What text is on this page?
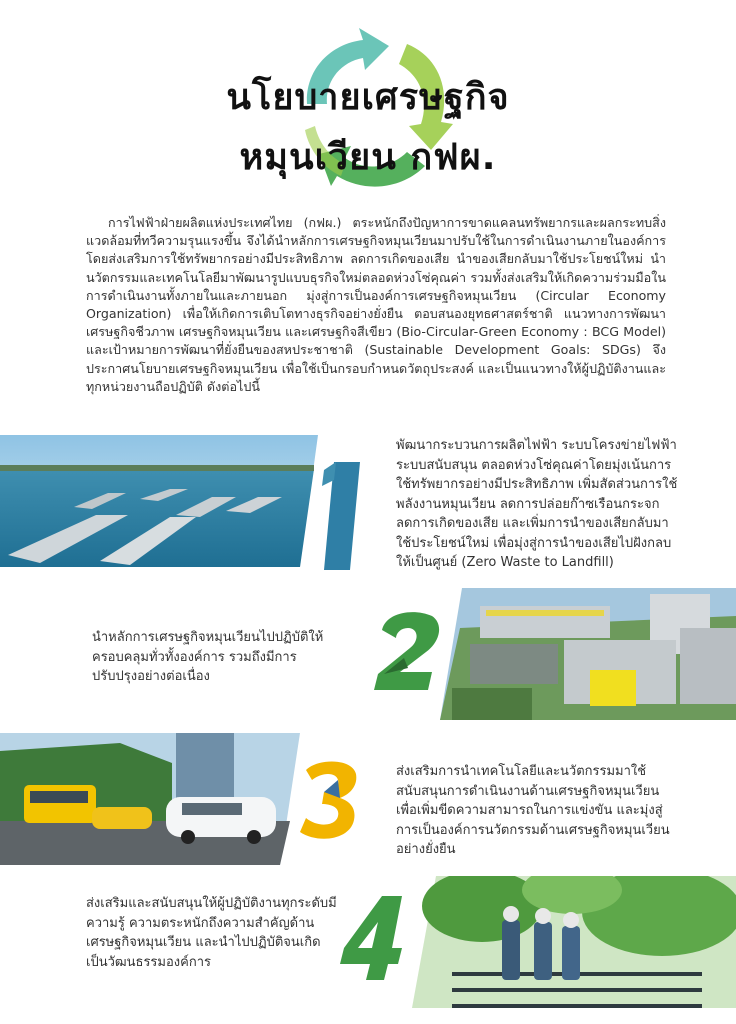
นโยบายเศรษฐกิจ
หมุนเวียน กฟผ.
การไฟฟ้าฝ่ายผลิตแห่งประเทศไทย (กฟผ.) ตระหนักถึงปัญหาการขาดแคลนทรัพยากรและผลกระทบสิ่งแวดล้อมที่ทวีความรุนแรงขึ้น จึงได้นำหลักการเศรษฐกิจหมุนเวียนมาปรับใช้ในการดำเนินงานภายในองค์การ โดยส่งเสริมการใช้ทรัพยากรอย่างมีประสิทธิภาพ ลดการเกิดของเสีย นำของเสียกลับมาใช้ประโยชน์ใหม่ นำนวัตกรรมและเทคโนโลยีมาพัฒนารูปแบบธุรกิจใหม่ตลอดห่วงโซ่คุณค่า รวมทั้งส่งเสริมให้เกิดความร่วมมือในการดำเนินงานทั้งภายในและภายนอก มุ่งสู่การเป็นองค์การเศรษฐกิจหมุนเวียน (Circular Economy Organization) เพื่อให้เกิดการเติบโตทางธุรกิจอย่างยั่งยืน ตอบสนองยุทธศาสตร์ชาติ แนวทางการพัฒนาเศรษฐกิจชีวภาพ เศรษฐกิจหมุนเวียน และเศรษฐกิจสีเขียว (Bio-Circular-Green Economy : BCG Model) และเป้าหมายการพัฒนาที่ยั่งยืนของสหประชาชาติ (Sustainable Development Goals: SDGs) จึงประกาศนโยบายเศรษฐกิจหมุนเวียน เพื่อใช้เป็นกรอบกำหนดวัตถุประสงค์ และเป็นแนวทางให้ผู้ปฏิบัติงานและทุกหน่วยงานถือปฏิบัติ ดังต่อไปนี้
พัฒนากระบวนการผลิตไฟฟ้า ระบบโครงข่ายไฟฟ้า ระบบสนับสนุน ตลอดห่วงโซ่คุณค่าโดยมุ่งเน้นการใช้ทรัพยากรอย่างมีประสิทธิภาพ เพิ่มสัดส่วนการใช้พลังงานหมุนเวียน ลดการปล่อยก๊าซเรือนกระจก ลดการเกิดของเสีย และเพิ่มการนำของเสียกลับมาใช้ประโยชน์ใหม่ เพื่อมุ่งสู่การนำของเสียไปฝังกลบให้เป็นศูนย์ (Zero Waste to Landfill)
นำหลักการเศรษฐกิจหมุนเวียนไปปฏิบัติให้ครอบคลุมทั่วทั้งองค์การ รวมถึงมีการปรับปรุงอย่างต่อเนื่อง
ส่งเสริมการนำเทคโนโลยีและนวัตกรรมมาใช้สนับสนุนการดำเนินงานด้านเศรษฐกิจหมุนเวียน เพื่อเพิ่มขีดความสามารถในการแข่งขัน และมุ่งสู่การเป็นองค์การนวัตกรรมด้านเศรษฐกิจหมุนเวียนอย่างยั่งยืน
ส่งเสริมและสนับสนุนให้ผู้ปฏิบัติงานทุกระดับมีความรู้ ความตระหนักถึงความสำคัญด้านเศรษฐกิจหมุนเวียน และนำไปปฏิบัติจนเกิดเป็นวัฒนธรรมองค์การ
